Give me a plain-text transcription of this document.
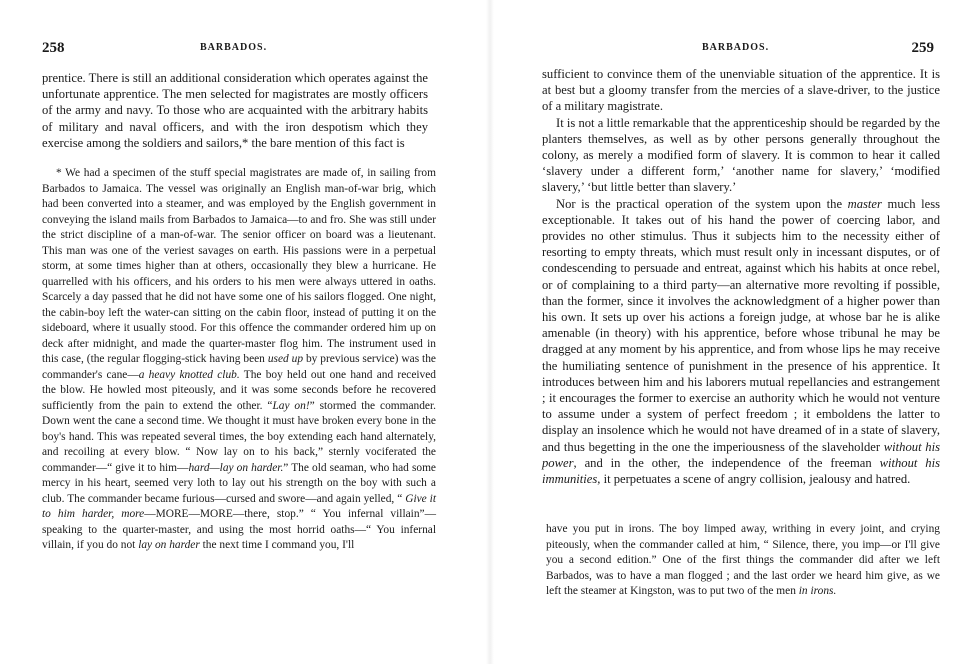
258	BARBADOS.

prentice. There is still an additional consideration which operates against the unfortunate apprentice. The men selected for magistrates are mostly officers of the army and navy. To those who are acquainted with the arbitrary habits of military and naval officers, and with the iron despotism which they exercise among the soldiers and sailors,* the bare mention of this fact is

* We had a specimen of the stuff special magistrates are made of, in sailing from Barbados to Jamaica. The vessel was originally an English man-of-war brig, which had been converted into a steamer, and was employed by the English government in conveying the island mails from Barbados to Jamaica—to and fro. She was still under the strict discipline of a man-of-war. The senior officer on board was a lieutenant. This man was one of the veriest savages on earth. His passions were in a perpetual storm, at some times higher than at others, occasionally they blew a hurricane. He quarrelled with his officers, and his orders to his men were always uttered in oaths. Scarcely a day passed that he did not have some one of his sailors flogged. One night, the cabin-boy left the water-can sitting on the cabin floor, instead of putting it on the sideboard, where it usually stood. For this offence the commander ordered him up on deck after midnight, and made the quarter-master flog him. The instrument used in this case, (the regular flogging-stick having been used up by previous service) was the commander's cane—a heavy knotted club. The boy held out one hand and received the blow. He howled most piteously, and it was some seconds before he recovered sufficiently from the pain to extend the other. “Lay on!” stormed the commander. Down went the cane a second time. We thought it must have broken every bone in the boy's hand. This was repeated several times, the boy extending each hand alternately, and recoiling at every blow. “ Now lay on to his back,” sternly vociferated the commander—“ give it to him—hard—lay on harder.” The old seaman, who had some mercy in his heart, seemed very loth to lay out his strength on the boy with such a club. The commander became furious—cursed and swore—and again yelled, “ Give it to him harder, more—MORE—MORE—there, stop.” “ You infernal villain”—speaking to the quarter-master, and using the most horrid oaths—“ You infernal villain, if you do not lay on harder the next time I command you, I'll

BARBADOS.	259

sufficient to convince them of the unenviable situation of the apprentice. It is at best but a gloomy transfer from the mercies of a slave-driver, to the justice of a military magistrate.

It is not a little remarkable that the apprenticeship should be regarded by the planters themselves, as well as by other persons generally throughout the colony, as merely a modified form of slavery. It is common to hear it called ‘slavery under a different form,’ ‘another name for slavery,’ ‘modified slavery,’ ‘but little better than slavery.’

Nor is the practical operation of the system upon the master much less exceptionable. It takes out of his hand the power of coercing labor, and provides no other stimulus. Thus it subjects him to the necessity either of resorting to empty threats, which must result only in incessant disputes, or of condescending to persuade and entreat, against which his habits at once rebel, or of complaining to a third party—an alternative more revolting if possible, than the former, since it involves the acknowledgment of a higher power than his own. It sets up over his actions a foreign judge, at whose bar he is alike amenable (in theory) with his apprentice, before whose tribunal he may be dragged at any moment by his apprentice, and from whose lips he may receive the humiliating sentence of punishment in the presence of his apprentice. It introduces between him and his laborers mutual repellancies and estrangement ; it encourages the former to exercise an authority which he would not venture to assume under a system of perfect freedom ; it emboldens the latter to display an insolence which he would not have dreamed of in a state of slavery, and thus begetting in the one the imperiousness of the slaveholder without his power, and in the other, the independence of the freeman without his immunities, it perpetuates a scene of angry collision, jealousy and hatred.

have you put in irons. The boy limped away, writhing in every joint, and crying piteously, when the commander called at him, “ Silence, there, you imp—or I'll give you a second edition.” One of the first things the commander did after we left Barbados, was to have a man flogged ; and the last order we heard him give, as we left the steamer at Kingston, was to put two of the men in irons.
